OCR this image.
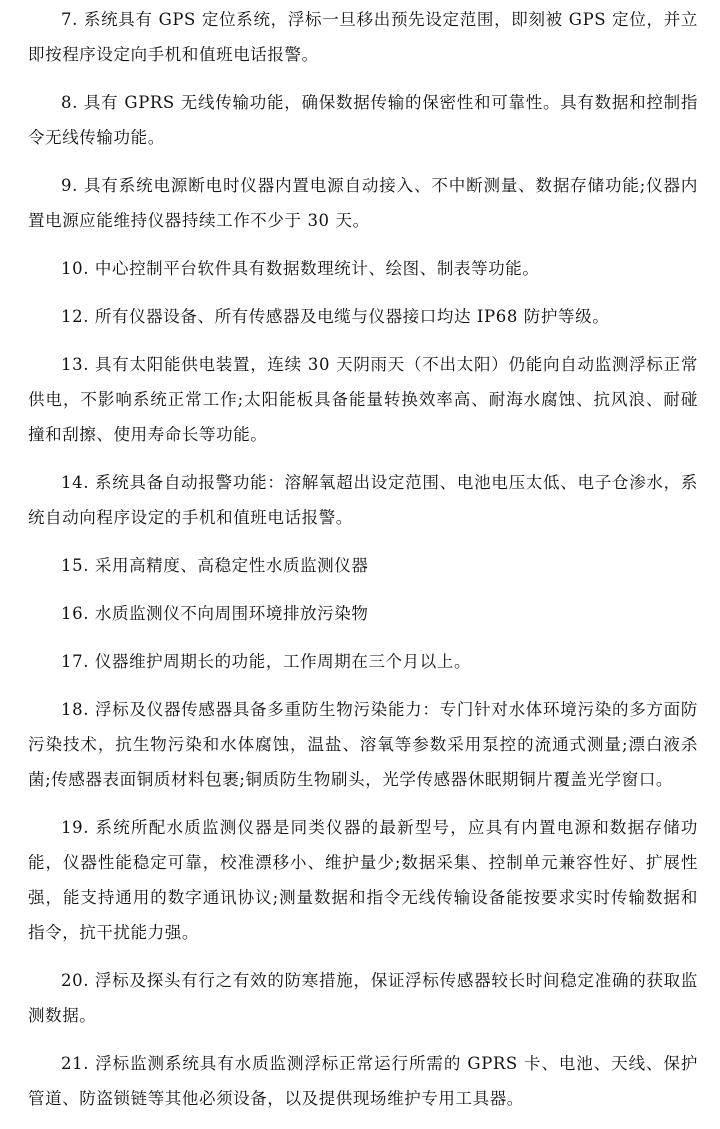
7. 系统具有 GPS 定位系统，浮标一旦移出预先设定范围，即刻被 GPS 定位，并立即按程序设定向手机和值班电话报警。

8. 具有 GPRS 无线传输功能，确保数据传输的保密性和可靠性。具有数据和控制指令无线传输功能。

9. 具有系统电源断电时仪器内置电源自动接入、不中断测量、数据存储功能;仪器内置电源应能维持仪器持续工作不少于 30 天。

10. 中心控制平台软件具有数据数理统计、绘图、制表等功能。

12. 所有仪器设备、所有传感器及电缆与仪器接口均达 IP68 防护等级。

13. 具有太阳能供电装置，连续 30 天阴雨天（不出太阳）仍能向自动监测浮标正常供电，不影响系统正常工作;太阳能板具备能量转换效率高、耐海水腐蚀、抗风浪、耐碰撞和刮擦、使用寿命长等功能。

14. 系统具备自动报警功能：溶解氧超出设定范围、电池电压太低、电子仓渗水，系统自动向程序设定的手机和值班电话报警。

15. 采用高精度、高稳定性水质监测仪器

16. 水质监测仪不向周围环境排放污染物

17. 仪器维护周期长的功能，工作周期在三个月以上。

18. 浮标及仪器传感器具备多重防生物污染能力：专门针对水体环境污染的多方面防污染技术，抗生物污染和水体腐蚀，温盐、溶氧等参数采用泵控的流通式测量;漂白液杀菌;传感器表面铜质材料包裹;铜质防生物刷头，光学传感器休眠期铜片覆盖光学窗口。

19. 系统所配水质监测仪器是同类仪器的最新型号，应具有内置电源和数据存储功能，仪器性能稳定可靠，校准漂移小、维护量少;数据采集、控制单元兼容性好、扩展性强，能支持通用的数字通讯协议;测量数据和指令无线传输设备能按要求实时传输数据和指令，抗干扰能力强。

20. 浮标及探头有行之有效的防寒措施，保证浮标传感器较长时间稳定准确的获取监测数据。

21. 浮标监测系统具有水质监测浮标正常运行所需的 GPRS 卡、电池、天线、保护管道、防盗锁链等其他必须设备，以及提供现场维护专用工具器。
